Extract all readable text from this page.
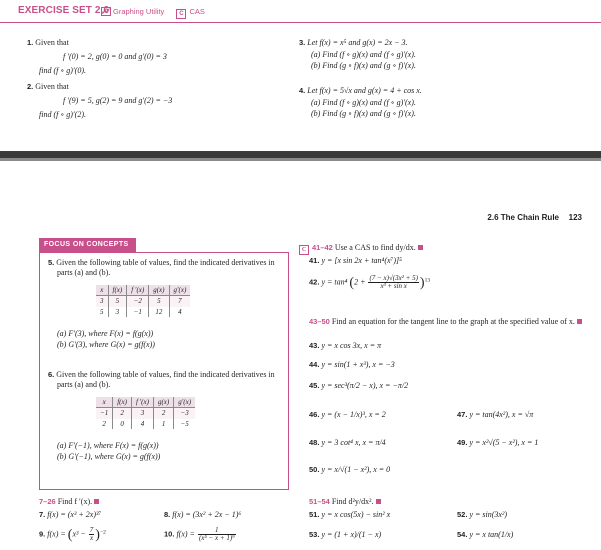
EXERCISE SET 2.6 Graphing Utility	C CAS
1. Given that
f ′(0) = 2, g(0) = 0 and g′(0) = 3
find (f ∘ g)′(0).
2. Given that
f ′(9) = 5, g(2) = 9 and g′(2) = −3
find (f ∘ g)′(2).
3. Let f(x) = x⁵ and g(x) = 2x − 3.
(a) Find (f ∘ g)(x) and (f ∘ g)′(x).
(b) Find (g ∘ f)(x) and (g ∘ f)′(x).
4. Let f(x) = 5√x and g(x) = 4 + cos x.
(a) Find (f ∘ g)(x) and (f ∘ g)′(x).
(b) Find (g ∘ f)(x) and (g ∘ f)′(x).
2.6 The Chain Rule 123
FOCUS ON CONCEPTS
5. Given the following table of values, find the indicated derivatives in parts (a) and (b).
x	f(x)	f ′(x)	g(x)	g′(x)
3	5	−2	5	7
5	3	−1	12	4
(a) F′(3), where F(x) = f(g(x))
(b) G′(3), where G(x) = g(f(x))
6. Given the following table of values, find the indicated derivatives in parts (a) and (b).
x	f(x)	f ′(x)	g(x)	g′(x)
−1	2	3	2	−3
2	0	4	1	−5
(a) F′(−1), where F(x) = f(g(x))
(b) G′(−1), where G(x) = g(f(x))
7–26 Find f ′(x).
7. f(x) = (x³ + 2x)³⁷	8. f(x) = (3x² + 2x − 1)⁶
9. $f(x) = (x^3 - \frac{7}{x} )^{-2}$	10. $f(x) = \frac{1}{\text{(x⁵ − x + 1)⁹}}$
C 41–42 Use a CAS to find dy/dx.
41. y = [x sin 2x + tan⁴(x⁷)]⁵
42. y = tan⁴ $(2 + \frac{\text{(7 − x)√(3x² + 5)}}{\text{x³ + sin x}} )^{13}$
43–50 Find an equation for the tangent line to the graph at the specified value of x.
43. y = x cos 3x, x = π
44. y = sin(1 + x³), x = −3
45. y = sec³(π/2 − x), x = −π/2
46. y = (x − 1/x)³, x = 2	47. y = tan(4x²), x = √π
48. y = 3 cot⁴ x, x = π/4	49. y = x²√(5 − x²), x = 1
50. y = x/√(1 − x²), x = 0
51–54 Find d²y/dx².
51. y = x cos(5x) − sin² x	52. y = sin(3x²)
53. y = (1 + x)/(1 − x)	54. y = x tan(1/x)
